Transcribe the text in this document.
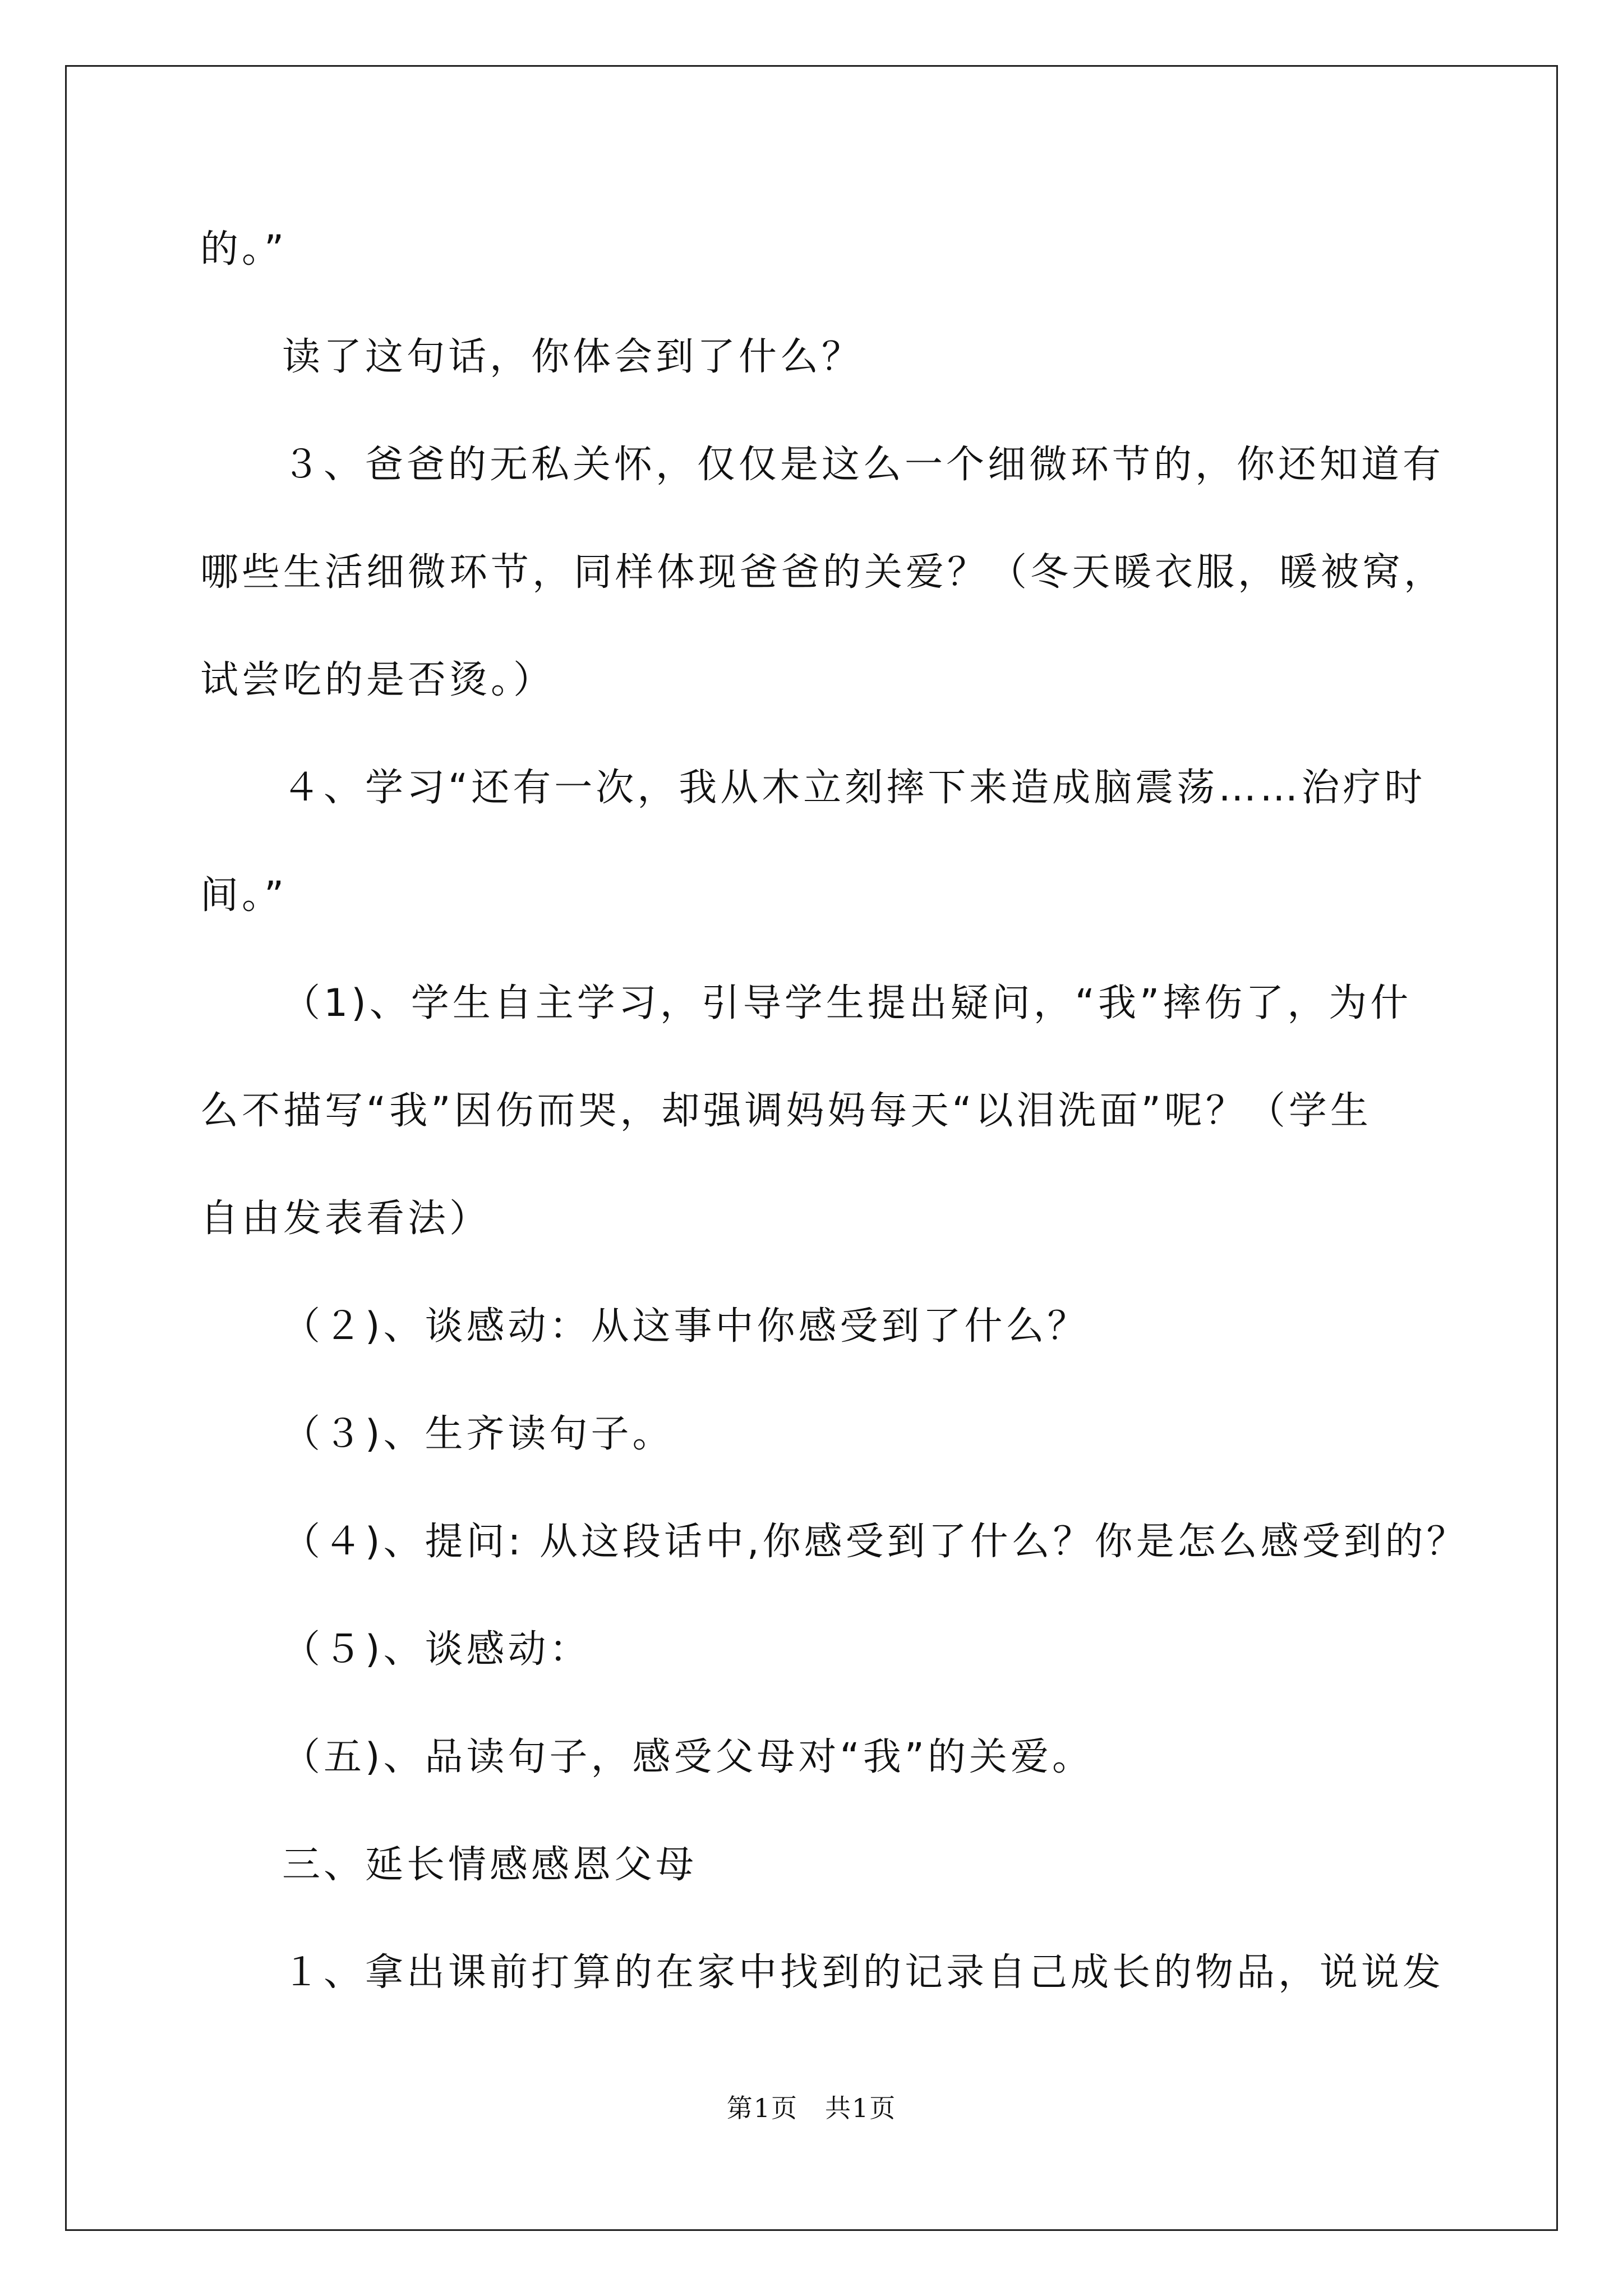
的。”
读了这句话，你体会到了什么？
３、爸爸的无私关怀，仅仅是这么一个细微环节的，你还知道有
哪些生活细微环节，同样体现爸爸的关爱？（冬天暖衣服，暖被窝，
试尝吃的是否烫。）
４、学习“还有一次，我从木立刻摔下来造成脑震荡……治疗时
间。”
（1)、学生自主学习，引导学生提出疑问，“我”摔伤了，为什
么不描写“我”因伤而哭，却强调妈妈每天“以泪洗面”呢？（学生
自由发表看法）
（２)、谈感动：从这事中你感受到了什么？
（３)、生齐读句子。
（４)、提问: 从这段话中,你感受到了什么？你是怎么感受到的？
（５)、谈感动：
（五)、品读句子，感受父母对“我”的关爱。
三、延长情感感恩父母
１、拿出课前打算的在家中找到的记录自己成长的物品，说说发
第1页　共1页
